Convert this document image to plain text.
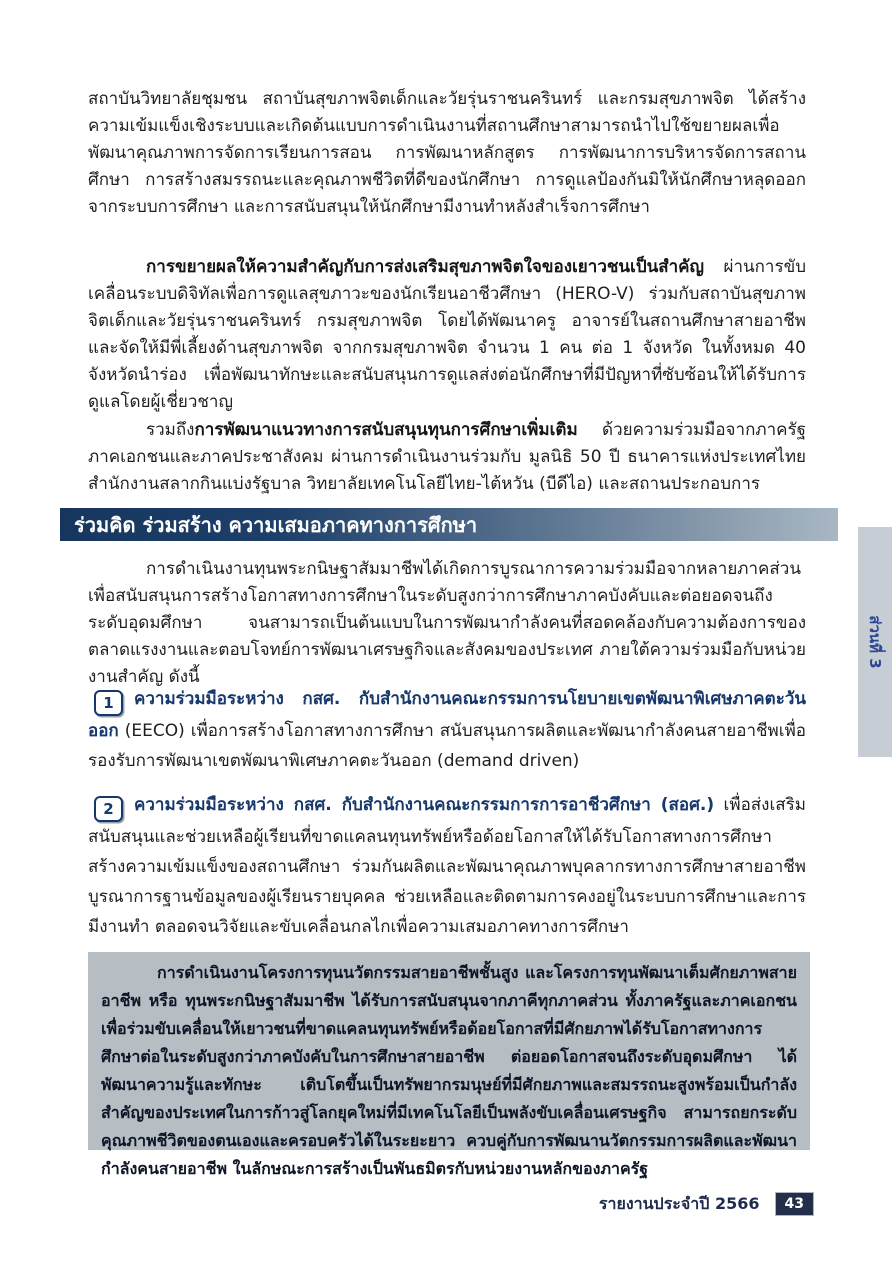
สถาบันวิทยาลัยชุมชน สถาบันสุขภาพจิตเด็กและวัยรุ่นราชนครินทร์ และกรมสุขภาพจิต ได้สร้างความเข้มแข็งเชิงระบบและเกิดต้นแบบการดำเนินงานที่สถานศึกษาสามารถนำไปใช้ขยายผลเพื่อพัฒนาคุณภาพการจัดการเรียนการสอน การพัฒนาหลักสูตร การพัฒนาการบริหารจัดการสถานศึกษา การสร้างสมรรถนะและคุณภาพชีวิตที่ดีของนักศึกษา การดูแลป้องกันมิให้นักศึกษาหลุดออกจากระบบการศึกษา และการสนับสนุนให้นักศึกษามีงานทำหลังสำเร็จการศึกษา

การขยายผลให้ความสำคัญกับการส่งเสริมสุขภาพจิตใจของเยาวชนเป็นสำคัญ ผ่านการขับเคลื่อนระบบดิจิทัลเพื่อการดูแลสุขภาวะของนักเรียนอาชีวศึกษา (HERO-V) ร่วมกับสถาบันสุขภาพจิตเด็กและวัยรุ่นราชนครินทร์ กรมสุขภาพจิต โดยได้พัฒนาครู อาจารย์ในสถานศึกษาสายอาชีพ และจัดให้มีพี่เลี้ยงด้านสุขภาพจิต จากกรมสุขภาพจิต จำนวน 1 คน ต่อ 1 จังหวัด ในทั้งหมด 40 จังหวัดนำร่อง เพื่อพัฒนาทักษะและสนับสนุนการดูแลส่งต่อนักศึกษาที่มีปัญหาที่ซับซ้อนให้ได้รับการดูแลโดยผู้เชี่ยวชาญ

รวมถึงการพัฒนาแนวทางการสนับสนุนทุนการศึกษาเพิ่มเติม ด้วยความร่วมมือจากภาครัฐ ภาคเอกชนและภาคประชาสังคม ผ่านการดำเนินงานร่วมกับ มูลนิธิ 50 ปี ธนาคารแห่งประเทศไทย สำนักงานสลากกินแบ่งรัฐบาล วิทยาลัยเทคโนโลยีไทย-ไต้หวัน (บีดีไอ) และสถานประกอบการ

ร่วมคิด ร่วมสร้าง ความเสมอภาคทางการศึกษา

การดำเนินงานทุนพระกนิษฐาสัมมาชีพได้เกิดการบูรณาการความร่วมมือจากหลายภาคส่วน เพื่อสนับสนุนการสร้างโอกาสทางการศึกษาในระดับสูงกว่าการศึกษาภาคบังคับและต่อยอดจนถึงระดับอุดมศึกษา จนสามารถเป็นต้นแบบในการพัฒนากำลังคนที่สอดคล้องกับความต้องการของตลาดแรงงานและตอบโจทย์การพัฒนาเศรษฐกิจและสังคมของประเทศ ภายใต้ความร่วมมือกับหน่วยงานสำคัญ ดังนี้

1 ความร่วมมือระหว่าง กสศ. กับสำนักงานคณะกรรมการนโยบายเขตพัฒนาพิเศษภาคตะวันออก (EECO) เพื่อการสร้างโอกาสทางการศึกษา สนับสนุนการผลิตและพัฒนากำลังคนสายอาชีพเพื่อรองรับการพัฒนาเขตพัฒนาพิเศษภาคตะวันออก (demand driven)

2 ความร่วมมือระหว่าง กสศ. กับสำนักงานคณะกรรมการการอาชีวศึกษา (สอศ.) เพื่อส่งเสริมสนับสนุนและช่วยเหลือผู้เรียนที่ขาดแคลนทุนทรัพย์หรือด้อยโอกาสให้ได้รับโอกาสทางการศึกษา สร้างความเข้มแข็งของสถานศึกษา ร่วมกันผลิตและพัฒนาคุณภาพบุคลากรทางการศึกษาสายอาชีพ บูรณาการฐานข้อมูลของผู้เรียนรายบุคคล ช่วยเหลือและติดตามการคงอยู่ในระบบการศึกษาและการมีงานทำ ตลอดจนวิจัยและขับเคลื่อนกลไกเพื่อความเสมอภาคทางการศึกษา

การดำเนินงานโครงการทุนนวัตกรรมสายอาชีพชั้นสูง และโครงการทุนพัฒนาเต็มศักยภาพสายอาชีพ หรือ ทุนพระกนิษฐาสัมมาชีพ ได้รับการสนับสนุนจากภาคีทุกภาคส่วน ทั้งภาครัฐและภาคเอกชน เพื่อร่วมขับเคลื่อนให้เยาวชนที่ขาดแคลนทุนทรัพย์หรือด้อยโอกาสที่มีศักยภาพได้รับโอกาสทางการศึกษาต่อในระดับสูงกว่าภาคบังคับในการศึกษาสายอาชีพ ต่อยอดโอกาสจนถึงระดับอุดมศึกษา ได้พัฒนาความรู้และทักษะ เติบโตขึ้นเป็นทรัพยากรมนุษย์ที่มีศักยภาพและสมรรถนะสูงพร้อมเป็นกำลังสำคัญของประเทศในการก้าวสู่โลกยุคใหม่ที่มีเทคโนโลยีเป็นพลังขับเคลื่อนเศรษฐกิจ สามารถยกระดับคุณภาพชีวิตของตนเองและครอบครัวได้ในระยะยาว ควบคู่กับการพัฒนานวัตกรรมการผลิตและพัฒนากำลังคนสายอาชีพ ในลักษณะการสร้างเป็นพันธมิตรกับหน่วยงานหลักของภาครัฐ

รายงานประจำปี 2566	43
ส่วนที่ 3
